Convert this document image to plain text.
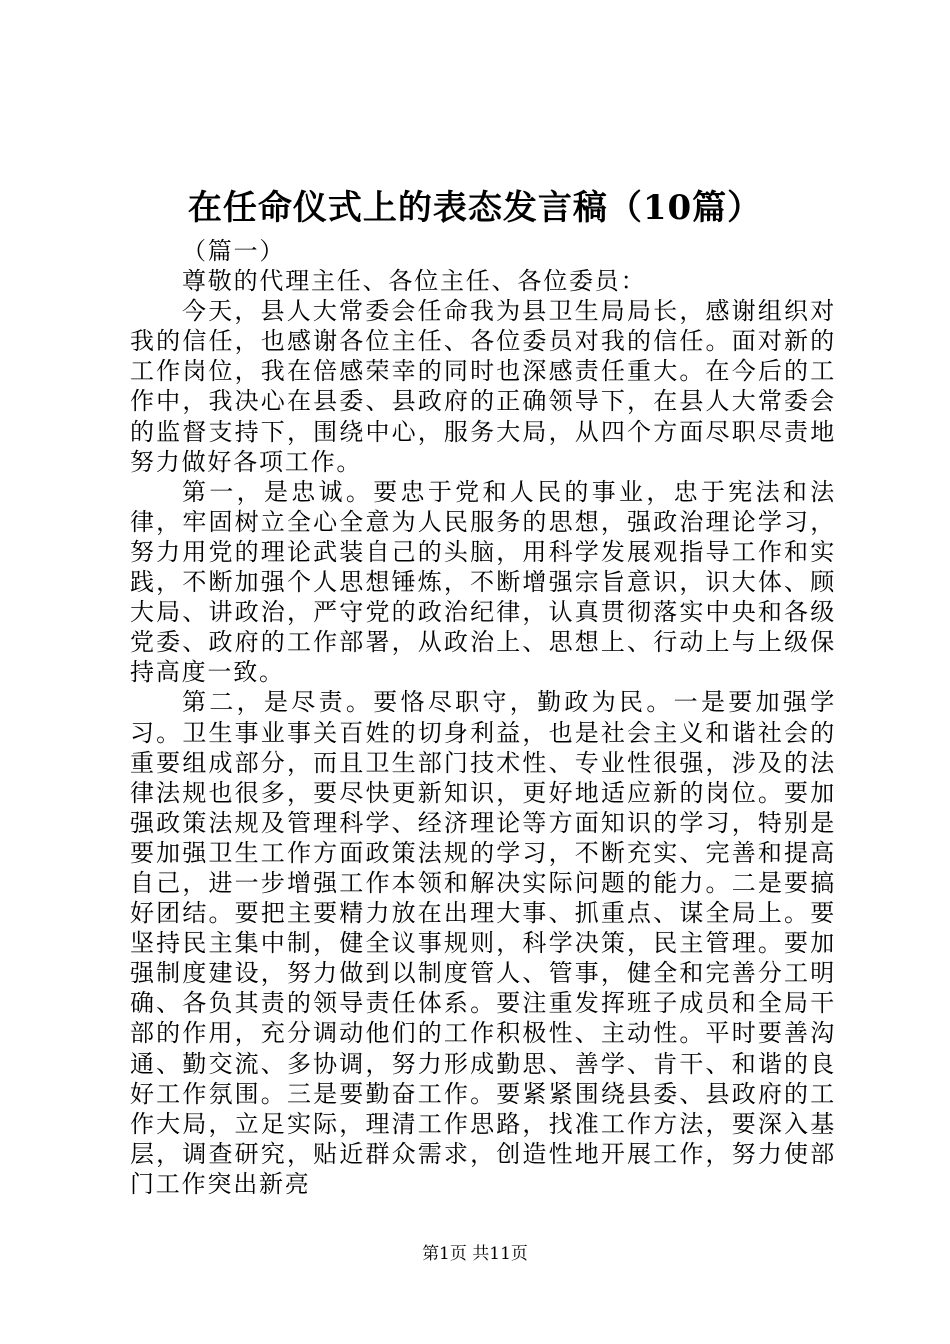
在任命仪式上的表态发言稿（10篇）

（篇一）

尊敬的代理主任、各位主任、各位委员：

今天，县人大常委会任命我为县卫生局局长，感谢组织对我的信任，也感谢各位主任、各位委员对我的信任。面对新的工作岗位，我在倍感荣幸的同时也深感责任重大。在今后的工作中，我决心在县委、县政府的正确领导下，在县人大常委会的监督支持下，围绕中心，服务大局，从四个方面尽职尽责地努力做好各项工作。

第一，是忠诚。要忠于党和人民的事业，忠于宪法和法律，牢固树立全心全意为人民服务的思想，强政治理论学习，努力用党的理论武装自己的头脑，用科学发展观指导工作和实践，不断加强个人思想锤炼，不断增强宗旨意识，识大体、顾大局、讲政治，严守党的政治纪律，认真贯彻落实中央和各级党委、政府的工作部署，从政治上、思想上、行动上与上级保持高度一致。

第二，是尽责。要恪尽职守，勤政为民。一是要加强学习。卫生事业事关百姓的切身利益，也是社会主义和谐社会的重要组成部分，而且卫生部门技术性、专业性很强，涉及的法律法规也很多，要尽快更新知识，更好地适应新的岗位。要加强政策法规及管理科学、经济理论等方面知识的学习，特别是要加强卫生工作方面政策法规的学习，不断充实、完善和提高自己，进一步增强工作本领和解决实际问题的能力。二是要搞好团结。要把主要精力放在出理大事、抓重点、谋全局上。要坚持民主集中制，健全议事规则，科学决策，民主管理。要加强制度建设，努力做到以制度管人、管事，健全和完善分工明确、各负其责的领导责任体系。要注重发挥班子成员和全局干部的作用，充分调动他们的工作积极性、主动性。平时要善沟通、勤交流、多协调，努力形成勤思、善学、肯干、和谐的良好工作氛围。三是要勤奋工作。要紧紧围绕县委、县政府的工作大局，立足实际，理清工作思路，找准工作方法，要深入基层，调查研究，贴近群众需求，创造性地开展工作，努力使部门工作突出新亮

第1页 共11页
